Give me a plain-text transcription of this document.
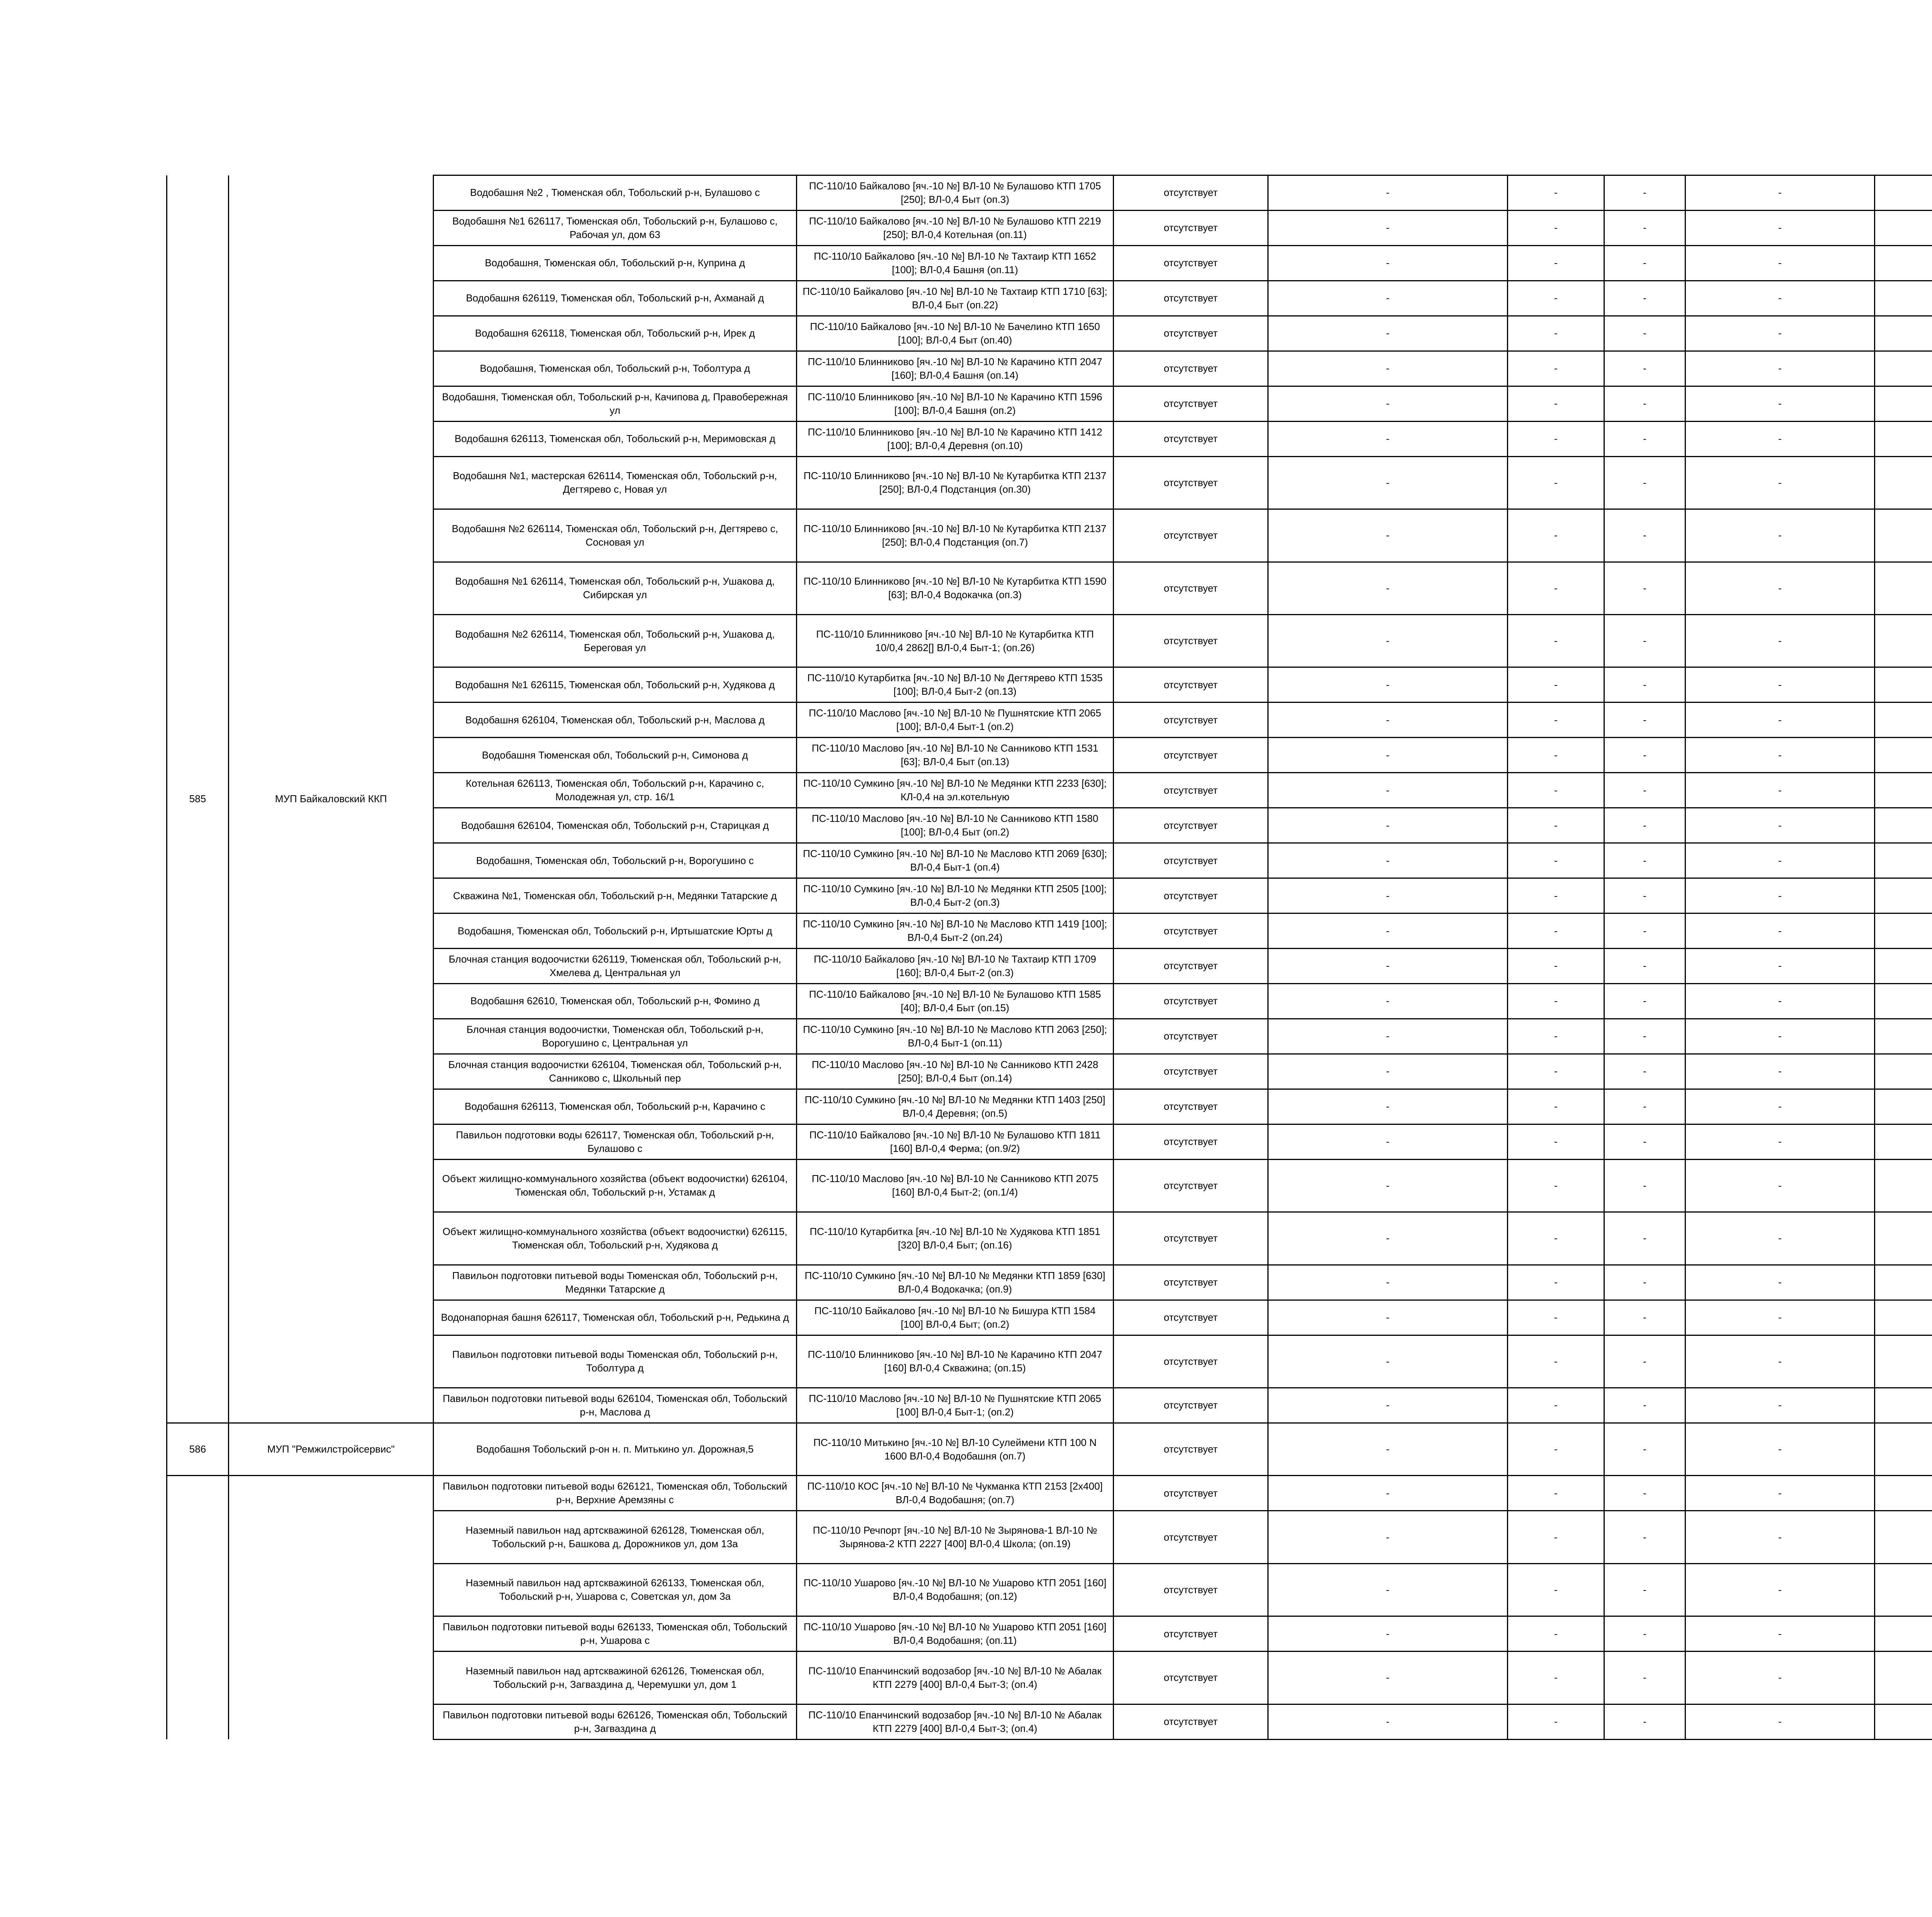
585	МУП Байкаловский ККП	Водобашня №2 , Тюменская обл, Тобольский р-н, Булашово с	ПС-110/10 Байкалово [яч.-10 №] ВЛ-10 № Булашово КТП 1705 [250]; ВЛ-0,4 Быт (оп.3)	отсутствует	-	-	-	-		
		Водобашня №1 626117, Тюменская обл, Тобольский р-н, Булашово с, Рабочая ул, дом 63	ПС-110/10 Байкалово [яч.-10 №] ВЛ-10 № Булашово КТП 2219 [250]; ВЛ-0,4 Котельная (оп.11)	отсутствует	-	-	-	-		
		Водобашня, Тюменская обл, Тобольский р-н, Куприна д	ПС-110/10 Байкалово [яч.-10 №] ВЛ-10 № Тахтаир КТП 1652 [100]; ВЛ-0,4 Башня (оп.11)	отсутствует	-	-	-	-		
		Водобашня 626119, Тюменская обл, Тобольский р-н, Ахманай д	ПС-110/10 Байкалово [яч.-10 №] ВЛ-10 № Тахтаир КТП 1710 [63]; ВЛ-0,4 Быт (оп.22)	отсутствует	-	-	-	-		
		Водобашня 626118, Тюменская обл, Тобольский р-н, Ирек д	ПС-110/10 Байкалово [яч.-10 №] ВЛ-10 № Бачелино КТП 1650 [100]; ВЛ-0,4 Быт (оп.40)	отсутствует	-	-	-	-		
		Водобашня, Тюменская обл, Тобольский р-н, Тоболтура д	ПС-110/10 Блинниково [яч.-10 №] ВЛ-10 № Карачино КТП 2047 [160]; ВЛ-0,4 Башня (оп.14)	отсутствует	-	-	-	-		
		Водобашня, Тюменская обл, Тобольский р-н, Качипова д, Правобережная ул	ПС-110/10 Блинниково [яч.-10 №] ВЛ-10 № Карачино КТП 1596 [100]; ВЛ-0,4 Башня (оп.2)	отсутствует	-	-	-	-		
		Водобашня 626113, Тюменская обл, Тобольский р-н, Меримовская д	ПС-110/10 Блинниково [яч.-10 №] ВЛ-10 № Карачино КТП 1412 [100]; ВЛ-0,4 Деревня (оп.10)	отсутствует	-	-	-	-		
		Водобашня №1, мастерская 626114, Тюменская обл, Тобольский р-н, Дегтярево с, Новая ул	ПС-110/10 Блинниково [яч.-10 №] ВЛ-10 № Кутарбитка КТП 2137 [250]; ВЛ-0,4 Подстанция (оп.30)	отсутствует	-	-	-	-		
		Водобашня №2 626114, Тюменская обл, Тобольский р-н, Дегтярево с, Сосновая ул	ПС-110/10 Блинниково [яч.-10 №] ВЛ-10 № Кутарбитка КТП 2137 [250]; ВЛ-0,4 Подстанция (оп.7)	отсутствует	-	-	-	-		
		Водобашня №1 626114, Тюменская обл, Тобольский р-н, Ушакова д, Сибирская ул	ПС-110/10 Блинниково [яч.-10 №] ВЛ-10 № Кутарбитка КТП 1590 [63]; ВЛ-0,4 Водокачка (оп.3)	отсутствует	-	-	-	-		
		Водобашня №2 626114, Тюменская обл, Тобольский р-н, Ушакова д, Береговая ул	ПС-110/10 Блинниково [яч.-10 №] ВЛ-10 № Кутарбитка КТП 10/0,4 2862[] ВЛ-0,4 Быт-1; (оп.26)	отсутствует	-	-	-	-		
		Водобашня №1 626115, Тюменская обл, Тобольский р-н, Худякова д	ПС-110/10 Кутарбитка [яч.-10 №] ВЛ-10 № Дегтярево КТП 1535 [100]; ВЛ-0,4 Быт-2 (оп.13)	отсутствует	-	-	-	-		
		Водобашня 626104, Тюменская обл, Тобольский р-н, Маслова д	ПС-110/10 Маслово [яч.-10 №] ВЛ-10 № Пушнятские КТП 2065 [100]; ВЛ-0,4 Быт-1 (оп.2)	отсутствует	-	-	-	-		
		Водобашня Тюменская обл, Тобольский р-н, Симонова д	ПС-110/10 Маслово [яч.-10 №] ВЛ-10 № Санниково КТП 1531 [63]; ВЛ-0,4 Быт (оп.13)	отсутствует	-	-	-	-		
		Котельная 626113, Тюменская обл, Тобольский р-н, Карачино с, Молодежная ул, стр. 16/1	ПС-110/10 Сумкино [яч.-10 №] ВЛ-10 № Медянки КТП 2233 [630]; КЛ-0,4 на эл.котельную	отсутствует	-	-	-	-		
		Водобашня 626104, Тюменская обл, Тобольский р-н, Старицкая д	ПС-110/10 Маслово [яч.-10 №] ВЛ-10 № Санниково КТП 1580 [100]; ВЛ-0,4 Быт (оп.2)	отсутствует	-	-	-	-		
		Водобашня, Тюменская обл, Тобольский р-н, Ворогушино с	ПС-110/10 Сумкино [яч.-10 №] ВЛ-10 № Маслово КТП 2069 [630]; ВЛ-0,4 Быт-1 (оп.4)	отсутствует	-	-	-	-		
		Скважина №1, Тюменская обл, Тобольский р-н, Медянки Татарские д	ПС-110/10 Сумкино [яч.-10 №] ВЛ-10 № Медянки КТП 2505 [100]; ВЛ-0,4 Быт-2 (оп.3)	отсутствует	-	-	-	-		
		Водобашня, Тюменская обл, Тобольский р-н, Иртышатские Юрты д	ПС-110/10 Сумкино [яч.-10 №] ВЛ-10 № Маслово КТП 1419 [100]; ВЛ-0,4 Быт-2 (оп.24)	отсутствует	-	-	-	-		
		Блочная станция водоочистки 626119, Тюменская обл, Тобольский р-н, Хмелева д, Центральная ул	ПС-110/10 Байкалово [яч.-10 №] ВЛ-10 № Тахтаир КТП 1709 [160]; ВЛ-0,4 Быт-2 (оп.3)	отсутствует	-	-	-	-		
		Водобашня 62610, Тюменская обл, Тобольский р-н, Фомино д	ПС-110/10 Байкалово [яч.-10 №] ВЛ-10 № Булашово КТП 1585 [40]; ВЛ-0,4 Быт (оп.15)	отсутствует	-	-	-	-		
		Блочная станция водоочистки, Тюменская обл, Тобольский р-н, Ворогушино с, Центральная ул	ПС-110/10 Сумкино [яч.-10 №] ВЛ-10 № Маслово КТП 2063 [250]; ВЛ-0,4 Быт-1 (оп.11)	отсутствует	-	-	-	-		
		Блочная станция водоочистки 626104, Тюменская обл, Тобольский р-н, Санниково с, Школьный пер	ПС-110/10 Маслово [яч.-10 №] ВЛ-10 № Санниково КТП 2428 [250]; ВЛ-0,4 Быт (оп.14)	отсутствует	-	-	-	-		
		Водобашня 626113, Тюменская обл, Тобольский р-н, Карачино с	ПС-110/10 Сумкино [яч.-10 №] ВЛ-10 № Медянки КТП 1403 [250] ВЛ-0,4 Деревня; (оп.5)	отсутствует	-	-	-	-		
		Павильон подготовки воды 626117, Тюменская обл, Тобольский р-н, Булашово с	ПС-110/10 Байкалово [яч.-10 №] ВЛ-10 № Булашово КТП 1811 [160] ВЛ-0,4 Ферма; (оп.9/2)	отсутствует	-	-	-	-		
		Объект жилищно-коммунального хозяйства (объект водоочистки) 626104, Тюменская обл, Тобольский р-н, Устамак д	ПС-110/10 Маслово [яч.-10 №] ВЛ-10 № Санниково КТП 2075 [160] ВЛ-0,4 Быт-2; (оп.1/4)	отсутствует	-	-	-	-		
		Объект жилищно-коммунального хозяйства (объект водоочистки) 626115, Тюменская обл, Тобольский р-н, Худякова д	ПС-110/10 Кутарбитка [яч.-10 №] ВЛ-10 № Худякова КТП 1851 [320] ВЛ-0,4 Быт; (оп.16)	отсутствует	-	-	-	-		
		Павильон подготовки питьевой воды Тюменская обл, Тобольский р-н, Медянки Татарские д	ПС-110/10 Сумкино [яч.-10 №] ВЛ-10 № Медянки КТП 1859 [630] ВЛ-0,4 Водокачка; (оп.9)	отсутствует	-	-	-	-		
		Водонапорная башня 626117, Тюменская обл, Тобольский р-н, Редькина д	ПС-110/10 Байкалово [яч.-10 №] ВЛ-10 № Бишура КТП 1584 [100] ВЛ-0,4 Быт; (оп.2)	отсутствует	-	-	-	-		
		Павильон подготовки питьевой воды Тюменская обл, Тобольский р-н, Тоболтура д	ПС-110/10 Блинниково [яч.-10 №] ВЛ-10 № Карачино КТП 2047 [160] ВЛ-0,4 Скважина; (оп.15)	отсутствует	-	-	-	-		
		Павильон подготовки питьевой воды 626104, Тюменская обл, Тобольский р-н, Маслова д	ПС-110/10 Маслово [яч.-10 №] ВЛ-10 № Пушнятские КТП 2065 [100] ВЛ-0,4 Быт-1; (оп.2)	отсутствует	-	-	-	-		
586	МУП "Ремжилстройсервис"	Водобашня Тобольский р-он н. п. Митькино ул. Дорожная,5	ПС-110/10 Митькино [яч.-10 №] ВЛ-10 Сулеймени КТП 100 N 1600 ВЛ-0,4 Водобашня (оп.7)	отсутствует	-	-	-	-		
		Павильон подготовки питьевой воды 626121, Тюменская обл, Тобольский р-н, Верхние Аремзяны с	ПС-110/10 КОС [яч.-10 №] ВЛ-10 № Чукманка КТП 2153 [2x400] ВЛ-0,4 Водобашня; (оп.7)	отсутствует	-	-	-	-		
		Наземный павильон над артскважиной 626128, Тюменская обл, Тобольский р-н, Башкова д, Дорожников ул, дом 13а	ПС-110/10 Речпорт [яч.-10 №] ВЛ-10 № Зырянова-1 ВЛ-10 № Зырянова-2 КТП 2227 [400] ВЛ-0,4 Школа; (оп.19)	отсутствует	-	-	-	-		
		Наземный павильон над артскважиной 626133, Тюменская обл, Тобольский р-н, Ушарова с, Советская ул, дом 3а	ПС-110/10 Ушарово [яч.-10 №] ВЛ-10 № Ушарово КТП 2051 [160] ВЛ-0,4 Водобашня; (оп.12)	отсутствует	-	-	-	-		
		Павильон подготовки питьевой воды 626133, Тюменская обл, Тобольский р-н, Ушарова с	ПС-110/10 Ушарово [яч.-10 №] ВЛ-10 № Ушарово КТП 2051 [160] ВЛ-0,4 Водобашня; (оп.11)	отсутствует	-	-	-	-		
		Наземный павильон над артскважиной 626126, Тюменская обл, Тобольский р-н, Загваздина д, Черемушки ул, дом 1	ПС-110/10 Епанчинский водозабор [яч.-10 №] ВЛ-10 № Абалак КТП 2279 [400] ВЛ-0,4 Быт-3; (оп.4)	отсутствует	-	-	-	-		
		Павильон подготовки питьевой воды 626126, Тюменская обл, Тобольский р-н, Загваздина д	ПС-110/10 Епанчинский водозабор [яч.-10 №] ВЛ-10 № Абалак КТП 2279 [400] ВЛ-0,4 Быт-3; (оп.4)	отсутствует	-	-	-	-		
